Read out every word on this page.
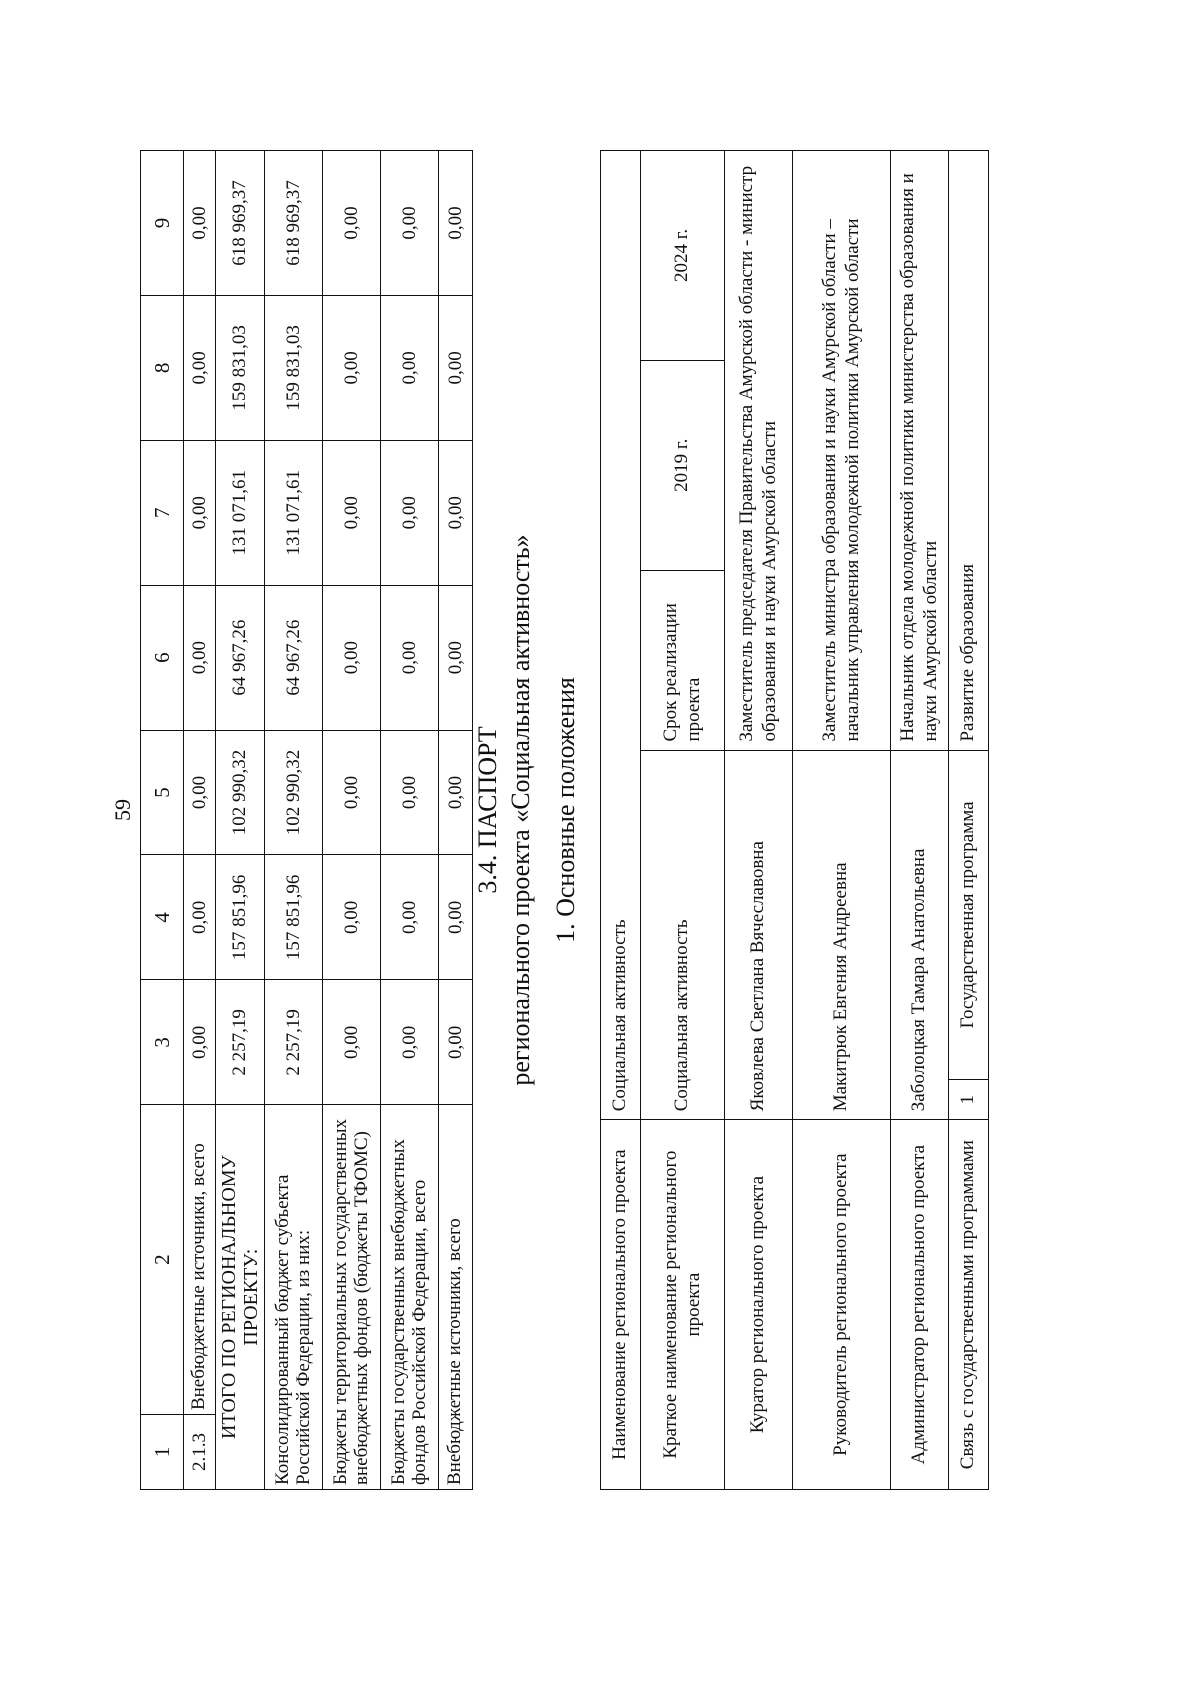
59
1	2	3	4	5	6	7	8	9
2.1.3	Внебюджетные источники, всего	0,00	0,00	0,00	0,00	0,00	0,00	0,00
ИТОГО ПО РЕГИОНАЛЬНОМУ ПРОЕКТУ:		2 257,19	157 851,96	102 990,32	64 967,26	131 071,61	159 831,03	618 969,37
Консолидированный бюджет субъекта Российской Федерации, из них:		2 257,19	157 851,96	102 990,32	64 967,26	131 071,61	159 831,03	618 969,37
Бюджеты территориальных государственных внебюджетных фондов (бюджеты ТФОМС)		0,00	0,00	0,00	0,00	0,00	0,00	0,00
Бюджеты государственных внебюджетных фондов Российской Федерации, всего		0,00	0,00	0,00	0,00	0,00	0,00	0,00
Внебюджетные источники, всего		0,00	0,00	0,00	0,00	0,00	0,00	0,00
3.4. ПАСПОРТ регионального проекта «Социальная активность» 1. Основные положения
Наименование регионального проекта	Социальная активность				
Краткое наименование регионального проекта	Социальная активность		Срок реализации проекта	2019 г.	2024 г.
Куратор регионального проекта	Яковлева Светлана Вячеславовна		Заместитель председателя Правительства Амурской области - министр образования и науки Амурской области		
Руководитель регионального проекта	Макитрюк Евгения Андреевна		Заместитель министра образования и науки Амурской области – начальник управления молодежной политики Амурской области		
Администратор регионального проекта	Заболоцкая Тамара Анатольевна		Начальник отдела молодежной политики министерства образования и науки Амурской области		
Связь с государственными программами	1	Государственная программа	Развитие образования		
